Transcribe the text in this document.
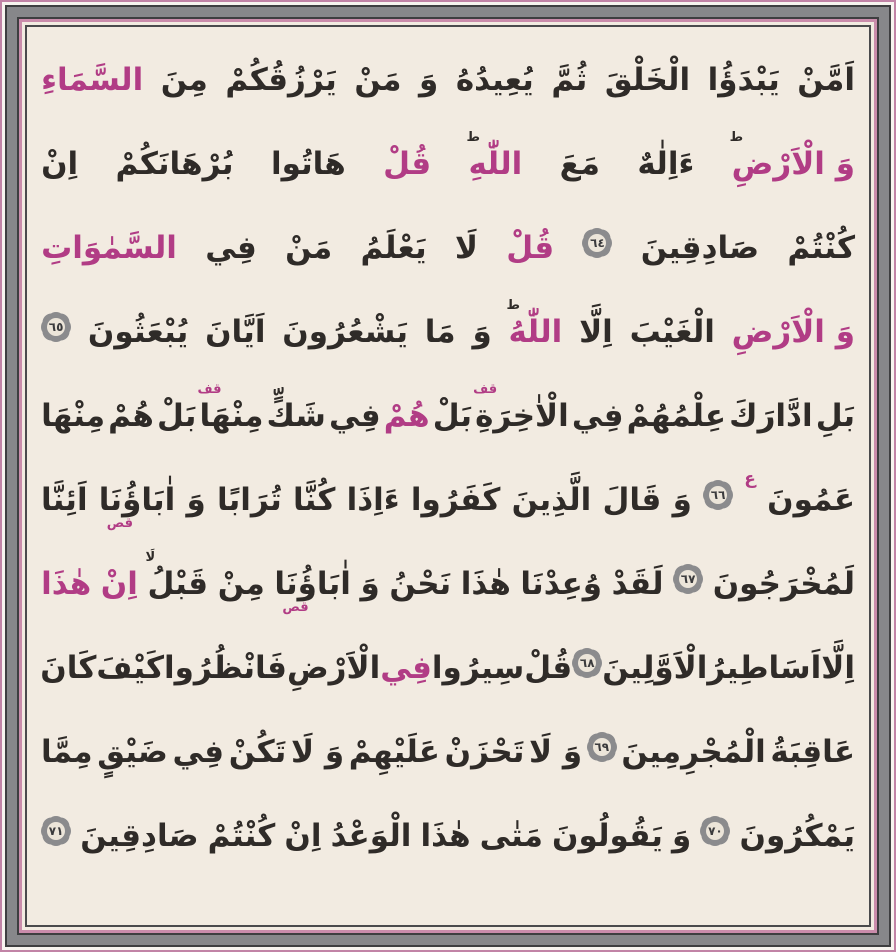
اَمَّنْ
يَبْدَؤُا
الْخَلْقَ
ثُمَّ
يُعِيدُهُ
وَ
مَنْ
يَرْزُقُكُمْ
مِنَ
السَّمَاءِ
وَ الْاَرْضِ
ط
ءَاِلٰهٌ
مَعَ
اللّٰهِ
ط
قُلْ
هَاتُوا
بُرْهَانَكُمْ
اِنْ
كُنْتُمْ
صَادِقِينَ
٦٤
قُلْ
لَا
يَعْلَمُ
مَنْ
فِي
السَّمٰوَاتِ
وَ الْاَرْضِ
الْغَيْبَ
اِلَّا
اللّٰهُ
ط
وَ
مَا
يَشْعُرُونَ
اَيَّانَ
يُبْعَثُونَ
٦٥
بَلِ
ادَّارَكَ
عِلْمُهُمْ
فِي
الْاٰخِرَةِ
قف
بَلْ
هُمْ
فِي
شَكٍّ
مِنْهَا
قف
بَلْ
هُمْ
مِنْهَا
عَمُونَ
ع
٦٦
وَ
قَالَ
الَّذِينَ
كَفَرُوا
ءَاِذَا
كُنَّا
تُرَابًا
وَ
اٰبَاؤُنَا
قص
اَئِنَّا
لَمُخْرَجُونَ
٦٧
لَقَدْ
وُعِدْنَا
هٰذَا
نَحْنُ
وَ
اٰبَاؤُنَا
قص
مِنْ
قَبْلُ
لَا
اِنْ
هٰذَا
اِلَّا
اَسَاطِيرُ
الْاَوَّلِينَ
٦٨
قُلْ
سِيرُوا
فِي
الْاَرْضِ
فَانْظُرُوا
كَيْفَ
كَانَ
عَاقِبَةُ
الْمُجْرِمِينَ
٦٩
وَ لَا
تَحْزَنْ
عَلَيْهِمْ
وَ لَا
تَكُنْ
فِي
ضَيْقٍ
مِمَّا
يَمْكُرُونَ
٧٠
وَ
يَقُولُونَ
مَتٰى
هٰذَا
الْوَعْدُ
اِنْ
كُنْتُمْ
صَادِقِينَ
٧١
